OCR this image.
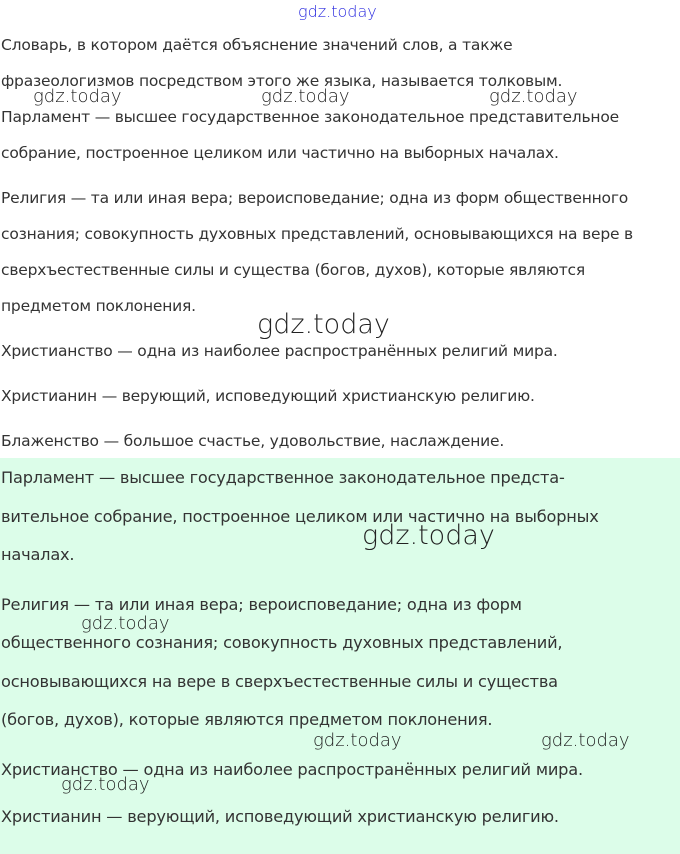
Словарь, в котором даётся объяснение значений слов, а также

фразеологизмов посредством этого же языка, называется толковым.

Парламент — высшее государственное законодательное представительное

собрание, построенное целиком или частично на выборных началах.

Религия — та или иная вера; вероисповедание; одна из форм общественного

сознания; совокупность духовных представлений, основывающихся на вере в

сверхъестественные силы и существа (богов, духов), которые являются

предметом поклонения.

Христианство — одна из наиболее распространённых религий мира.

Христианин — верующий, исповедующий христианскую религию.

Блаженство — большое счастье, удовольствие, наслаждение.

Парламент — высшее государственное законодательное предста-

вительное собрание, построенное целиком или частично на выборных

началах.

Религия — та или иная вера; вероисповедание; одна из форм

общественного сознания; совокупность духовных представлений,

основывающихся на вере в сверхъестественные силы и существа

(богов, духов), которые являются предметом поклонения.

Христианство — одна из наиболее распространённых религий мира.

Христианин — верующий, исповедующий христианскую религию.

gdz.today
gdz.today	gdz.today	gdz.today
gdz.today
gdz.today
gdz.today
gdz.today	gdz.today
gdz.today
